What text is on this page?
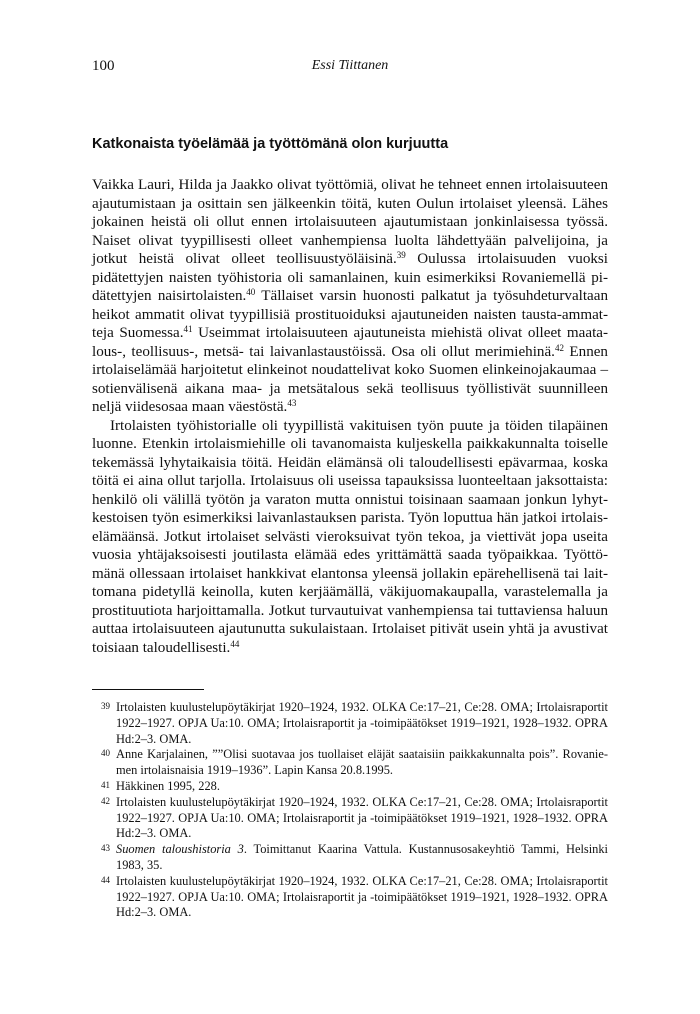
100	Essi Tiittanen
Katkonaista työelämää ja työttömänä olon kurjuutta

Vaikka Lauri, Hilda ja Jaakko olivat työttömiä, olivat he tehneet ennen irtolaisuuteen ajautumistaan ja osittain sen jälkeenkin töitä, kuten Oulun irtolaiset yleensä. Lähes jokainen heistä oli ollut ennen irtolaisuuteen ajautumistaan jonkinlaisessa työssä. Naiset olivat tyypillisesti olleet vanhempiensa luolta lähdettyään palvelijoina, ja jotkut heistä olivat olleet teollisuustyöläisinä.$^{39}$ Oulussa irtolaisuuden vuoksi pidätettyjen naisten työhistoria oli samanlainen, kuin esimerkiksi Rovaniemellä pidätettyjen naisirtolaisten.$^{40}$ Tällaiset varsin huonosti palkatut ja työsuhdeturvaltaan heikot ammatit olivat tyypillisiä prostituoiduksi ajautuneiden naisten tausta-ammatteja Suomessa.$^{41}$ Useimmat irtolaisuuteen ajautuneista miehistä olivat olleet maatalous-, teollisuus-, metsä- tai laivanlastaustöissä. Osa oli ollut merimiehinä.$^{42}$ Ennen irtolaiselämää harjoitetut elinkeinot noudattelivat koko Suomen elinkeinojakaumaa – sotienvälisenä aikana maa- ja metsätalous sekä teollisuus työllistivät suunnilleen neljä viidesosaa maan väestöstä.$^{43}$

Irtolaisten työhistorialle oli tyypillistä vakituisen työn puute ja töiden tilapäinen luonne. Etenkin irtolaismiehille oli tavanomaista kuljeskella paikkakunnalta toiselle tekemässä lyhytaikaisia töitä. Heidän elämänsä oli taloudellisesti epävarmaa, koska töitä ei aina ollut tarjolla. Irtolaisuus oli useissa tapauksissa luonteeltaan jaksottaista: henkilö oli välillä työtön ja varaton mutta onnistui toisinaan saamaan jonkun lyhytkestoisen työn esimerkiksi laivanlastauksen parista. Työn loputtua hän jatkoi irtolaiselämäänsä. Jotkut irtolaiset selvästi vieroksuivat työn tekoa, ja viettivät jopa useita vuosia yhtäjaksoisesti joutilasta elämää edes yrittämättä saada työpaikkaa. Työttömänä ollessaan irtolaiset hankkivat elantonsa yleensä jollakin epärehellisenä tai laittomana pidetyllä keinolla, kuten kerjäämällä, väkijuomakaupalla, varastelemalla ja prostituutiota harjoittamalla. Jotkut turvautuivat vanhempiensa tai tuttaviensa haluun auttaa irtolaisuuteen ajautunutta sukulaistaan. Irtolaiset pitivät usein yhtä ja avustivat toisiaan taloudellisesti.$^{44}$

39 Irtolaisten kuulustelupöytäkirjat 1920–1924, 1932. OLKA Ce:17–21, Ce:28. OMA; Irtolaisraportit 1922–1927. OPJA Ua:10. OMA; Irtolaisraportit ja -toimipäätökset 1919–1921, 1928–1932. OPRA Hd:2–3. OMA.

40 Anne Karjalainen, ””Olisi suotavaa jos tuollaiset eläjät saataisiin paikkakunnalta pois”. Rovaniemen irtolaisnaisia 1919–1936”. Lapin Kansa 20.8.1995.

41 Häkkinen 1995, 228.

42 Irtolaisten kuulustelupöytäkirjat 1920–1924, 1932. OLKA Ce:17–21, Ce:28. OMA; Irtolaisraportit 1922–1927. OPJA Ua:10. OMA; Irtolaisraportit ja -toimipäätökset 1919–1921, 1928–1932. OPRA Hd:2–3. OMA.

43 Suomen taloushistoria 3. Toimittanut Kaarina Vattula. Kustannusosakeyhtiö Tammi, Helsinki 1983, 35.

44 Irtolaisten kuulustelupöytäkirjat 1920–1924, 1932. OLKA Ce:17–21, Ce:28. OMA; Irtolaisraportit 1922–1927. OPJA Ua:10. OMA; Irtolaisraportit ja -toimipäätökset 1919–1921, 1928–1932. OPRA Hd:2–3. OMA.
